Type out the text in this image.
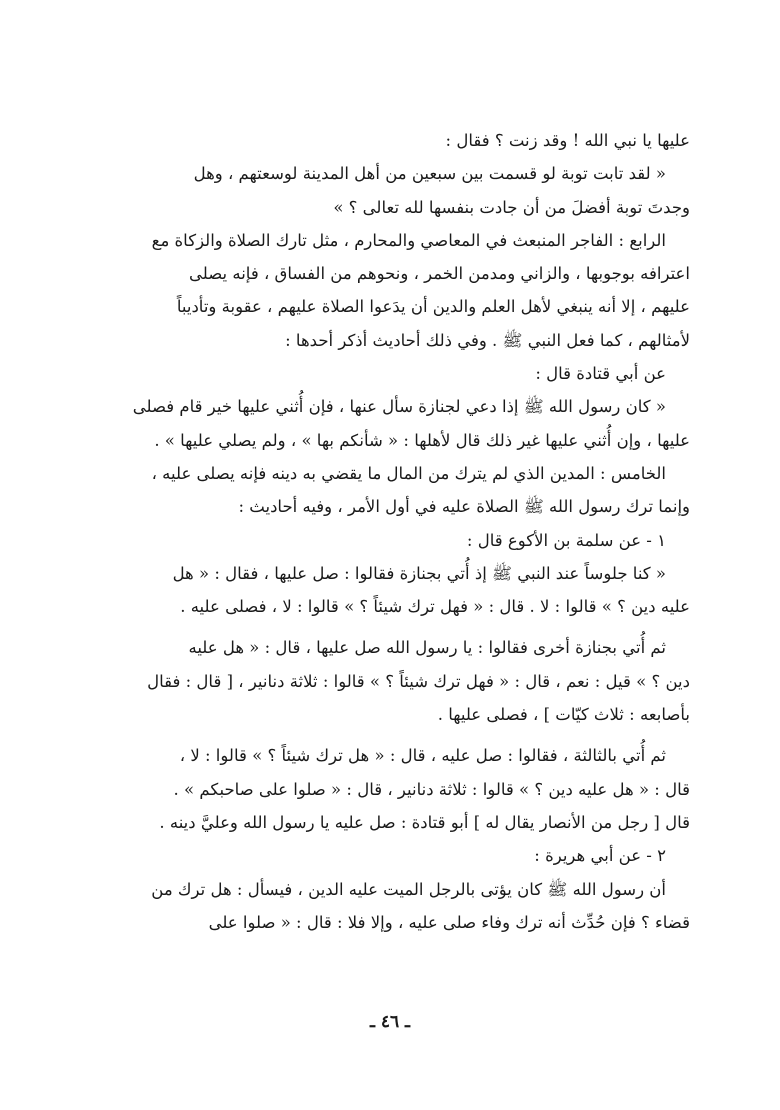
عليها يا نبي الله ! وقد زنت ؟ فقال :
« لقد تابت توبة لو قسمت بين سبعين من أهل المدينة لوسعتهم ، وهل
وجدتَ توبة أفضلَ من أن جادت بنفسها لله تعالى ؟ »
الرابع : الفاجر المنبعث في المعاصي والمحارم ، مثل تارك الصلاة والزكاة مع
اعترافه بوجوبها ، والزاني ومدمن الخمر ، ونحوهم من الفساق ، فإنه يصلى
عليهم ، إلا أنه ينبغي لأهل العلم والدين أن يدَعوا الصلاة عليهم ، عقوبة وتأديباً
لأمثالهم ، كما فعل النبي ﷺ . وفي ذلك أحاديث أذكر أحدها :
عن أبي قتادة قال :
« كان رسول الله ﷺ إذا دعي لجنازة سأل عنها ، فإن أُثني عليها خير قام فصلى
عليها ، وإن أُثني عليها غير ذلك قال لأهلها : « شأنكم بها » ، ولم يصلي عليها » .
الخامس : المدين الذي لم يترك من المال ما يقضي به دينه فإنه يصلى عليه ،
وإنما ترك رسول الله ﷺ الصلاة عليه في أول الأمر ، وفيه أحاديث :
١ - عن سلمة بن الأكوع قال :
« كنا جلوساً عند النبي ﷺ إذ أُتي بجنازة فقالوا : صل عليها ، فقال : « هل
عليه دين ؟ » قالوا : لا . قال : « فهل ترك شيئاً ؟ » قالوا : لا ، فصلى عليه .
ثم أُتي بجنازة أخرى فقالوا : يا رسول الله صل عليها ، قال : « هل عليه
دين ؟ » قيل : نعم ، قال : « فهل ترك شيئاً ؟ » قالوا : ثلاثة دنانير ، [ قال : فقال
بأصابعه : ثلاث كيّات ] ، فصلى عليها .
ثم أُتي بالثالثة ، فقالوا : صل عليه ، قال : « هل ترك شيئاً ؟ » قالوا : لا ،
قال : « هل عليه دين ؟ » قالوا : ثلاثة دنانير ، قال : « صلوا على صاحبكم » .
قال [ رجل من الأنصار يقال له ] أبو قتادة : صل عليه يا رسول الله وعليَّ دينه .
٢ - عن أبي هريرة :
أن رسول الله ﷺ كان يؤتى بالرجل الميت عليه الدين ، فيسأل : هل ترك من
قضاء ؟ فإن حُدِّث أنه ترك وفاء صلى عليه ، وإلا فلا : قال : « صلوا على
ـ ٤٦ ـ
